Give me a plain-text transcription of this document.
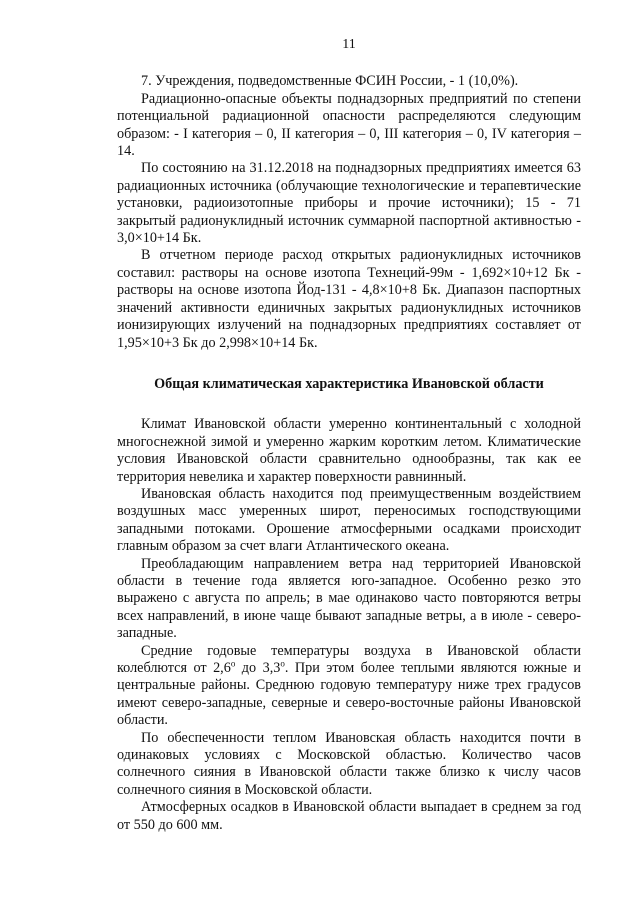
11

7. Учреждения, подведомственные ФСИН России, - 1 (10,0%).

Радиационно-опасные объекты поднадзорных предприятий по степени потенциальной радиационной опасности распределяются следующим образом: - I категория – 0, II категория – 0, III категория – 0, IV категория – 14.

По состоянию на 31.12.2018 на поднадзорных предприятиях имеется 63 радиационных источника (облучающие технологические и терапевтические установки, радиоизотопные приборы и прочие источники); 15 - 71 закрытый радионуклидный источник суммарной паспортной активностью - 3,0×10+14 Бк.

В отчетном периоде расход открытых радионуклидных источников составил: растворы на основе изотопа Технеций-99м - 1,692×10+12 Бк - растворы на основе изотопа Йод-131 - 4,8×10+8 Бк. Диапазон паспортных значений активности единичных закрытых радионуклидных источников ионизирующих излучений на поднадзорных предприятиях составляет от 1,95×10+3 Бк до 2,998×10+14 Бк.

Общая климатическая характеристика Ивановской области

Климат Ивановской области умеренно континентальный с холодной многоснежной зимой и умеренно жарким коротким летом. Климатические условия Ивановской области сравнительно однообразны, так как ее территория невелика и характер поверхности равнинный.

Ивановская область находится под преимущественным воздействием воздушных масс умеренных широт, переносимых господствующими западными потоками. Орошение атмосферными осадками происходит главным образом за счет влаги Атлантического океана.

Преобладающим направлением ветра над территорией Ивановской области в течение года является юго-западное. Особенно резко это выражено с августа по апрель; в мае одинаково часто повторяются ветры всех направлений, в июне чаще бывают западные ветры, а в июле - северо-западные.

Средние годовые температуры воздуха в Ивановской области колеблются от $2,6^о$ до $3,3^о$. При этом более теплыми являются южные и центральные районы. Среднюю годовую температуру ниже трех градусов имеют северо-западные, северные и северо-восточные районы Ивановской области.

По обеспеченности теплом Ивановская область находится почти в одинаковых условиях с Московской областью. Количество часов солнечного сияния в Ивановской области также близко к числу часов солнечного сияния в Московской области.

Атмосферных осадков в Ивановской области выпадает в среднем за год от 550 до 600 мм.
